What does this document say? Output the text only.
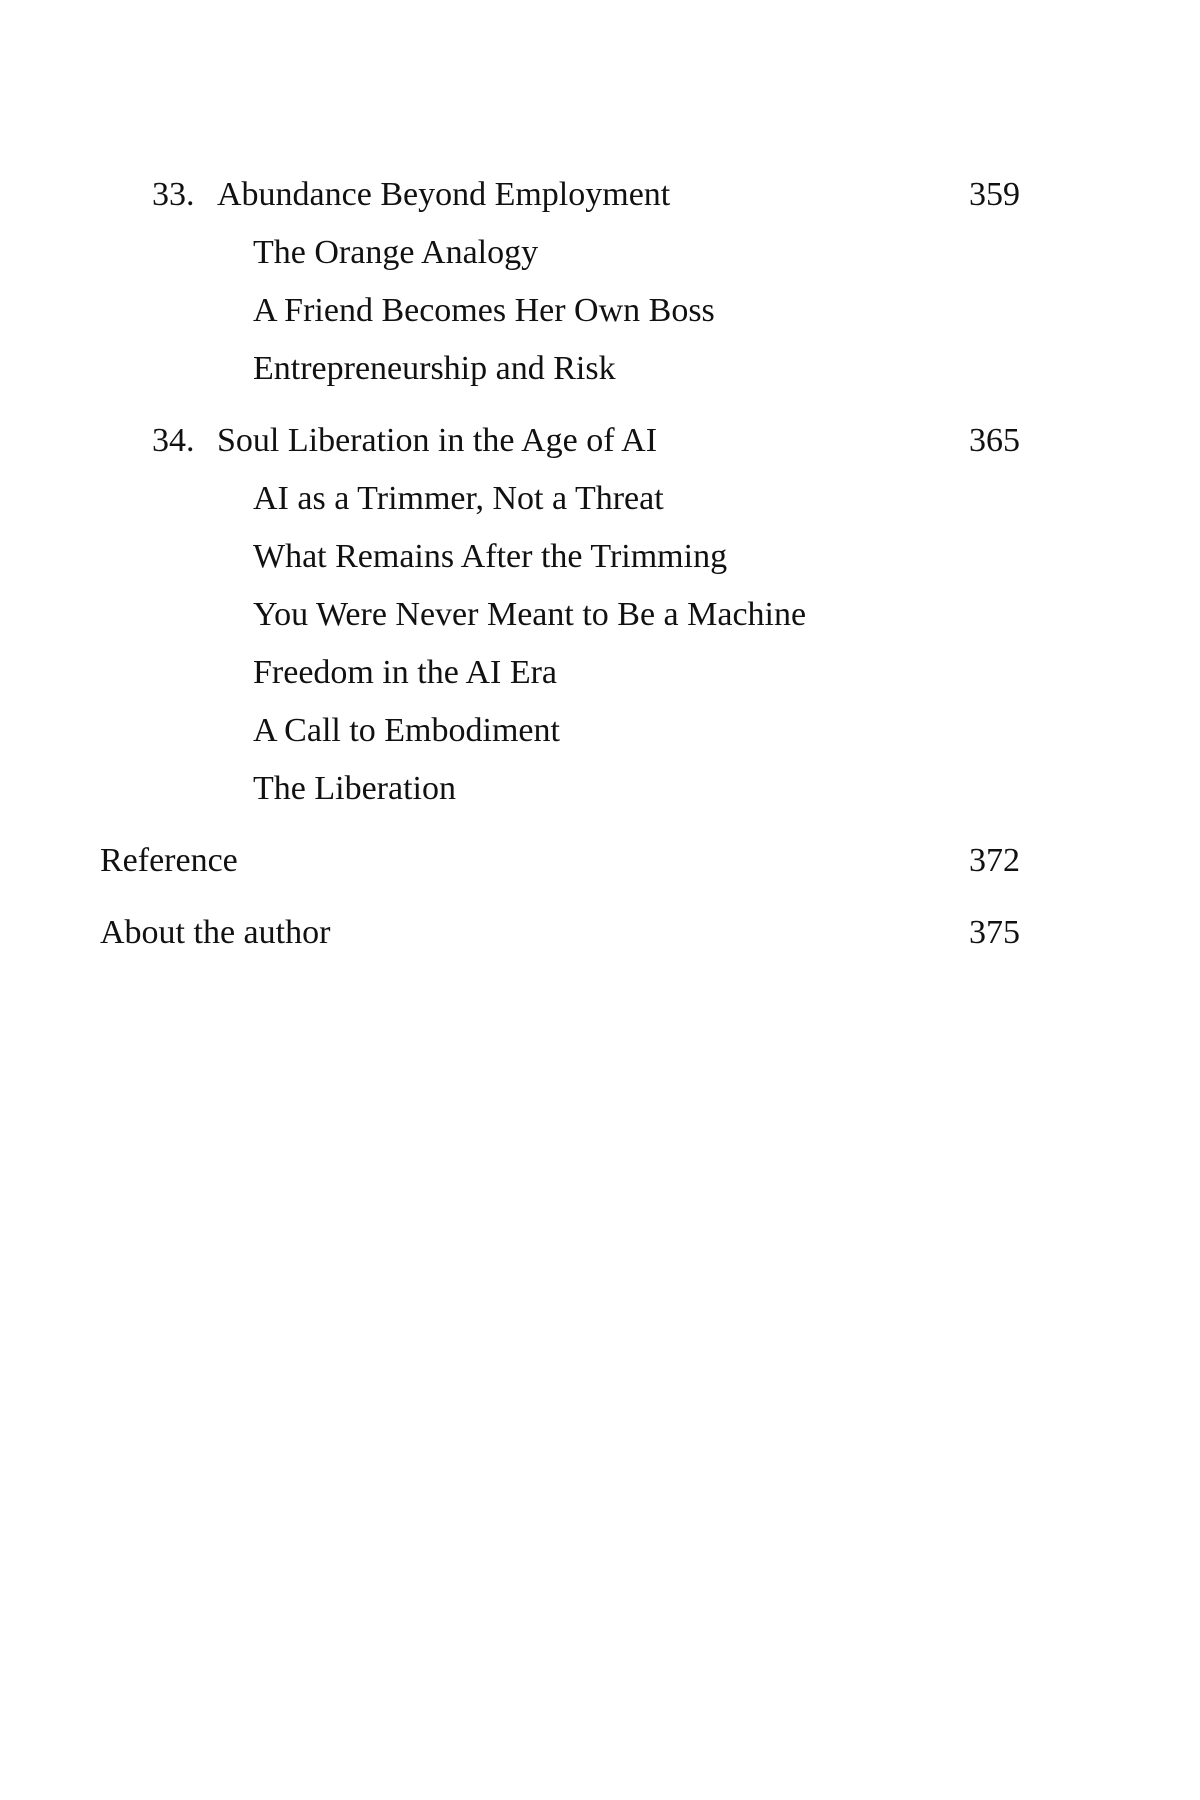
33. Abundance Beyond Employment	359
The Orange Analogy
A Friend Becomes Her Own Boss
Entrepreneurship and Risk
34. Soul Liberation in the Age of AI	365
AI as a Trimmer, Not a Threat
What Remains After the Trimming
You Were Never Meant to Be a Machine
Freedom in the AI Era
A Call to Embodiment
The Liberation
Reference	372
About the author	375
